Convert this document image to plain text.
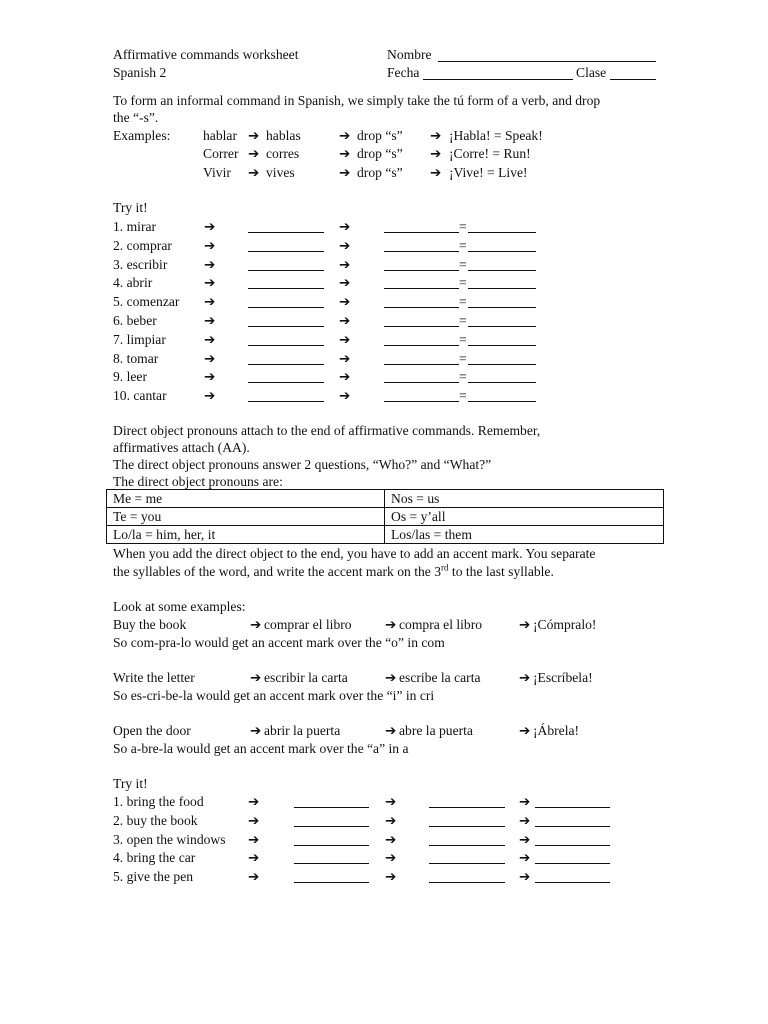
Affirmative commands worksheet
Spanish 2
Nombre
Fecha	Clase
To form an informal command in Spanish, we simply take the tú form of a verb, and drop
the “-s”.
Examples: hablar ➔ hablas	➔ drop “s” ➔ ¡Habla! = Speak!
Correr ➔ corres	➔ drop “s” ➔ ¡Corre! = Run!
Vivir ➔ vives	➔ drop “s” ➔ ¡Vive! = Live!
Try it!
1. mirar	➔	➔	=
2. comprar ➔	➔	=
3. escribir	➔	➔	=
4. abrir	➔	➔	=
5. comenzar ➔	➔	=
6. beber	➔	➔	=
7. limpiar	➔	➔	=
8. tomar	➔	➔	=
9. leer	➔	➔	=
10. cantar	➔	➔	=
Direct object pronouns attach to the end of affirmative commands. Remember,
affirmatives attach (AA).
The direct object pronouns answer 2 questions, “Who?” and “What?”
The direct object pronouns are:
Me = me	Nos = us
Te = you	Os = y’all
Lo/la = him, her, it	Los/las = them
When you add the direct object to the end, you have to add an accent mark. You separate
the syllables of the word, and write the accent mark on the 3rd to the last syllable.
Look at some examples:
Buy the book	➔ comprar el libro ➔ compra el libro	➔ ¡Cómpralo!
So com-pra-lo would get an accent mark over the “o” in com
Write the letter	➔ escribir la carta	➔ escribe la carta	➔ ¡Escríbela!
So es-cri-be-la would get an accent mark over the “i” in cri
Open the door	➔ abrir la puerta	➔ abre la puerta	➔ ¡Ábrela!
So a-bre-la would get an accent mark over the “a” in a
Try it!
1. bring the food	➔	➔	➔
2. buy the book	➔	➔	➔
3. open the windows ➔	➔	➔
4. bring the car	➔	➔	➔
5. give the pen	➔	➔	➔
